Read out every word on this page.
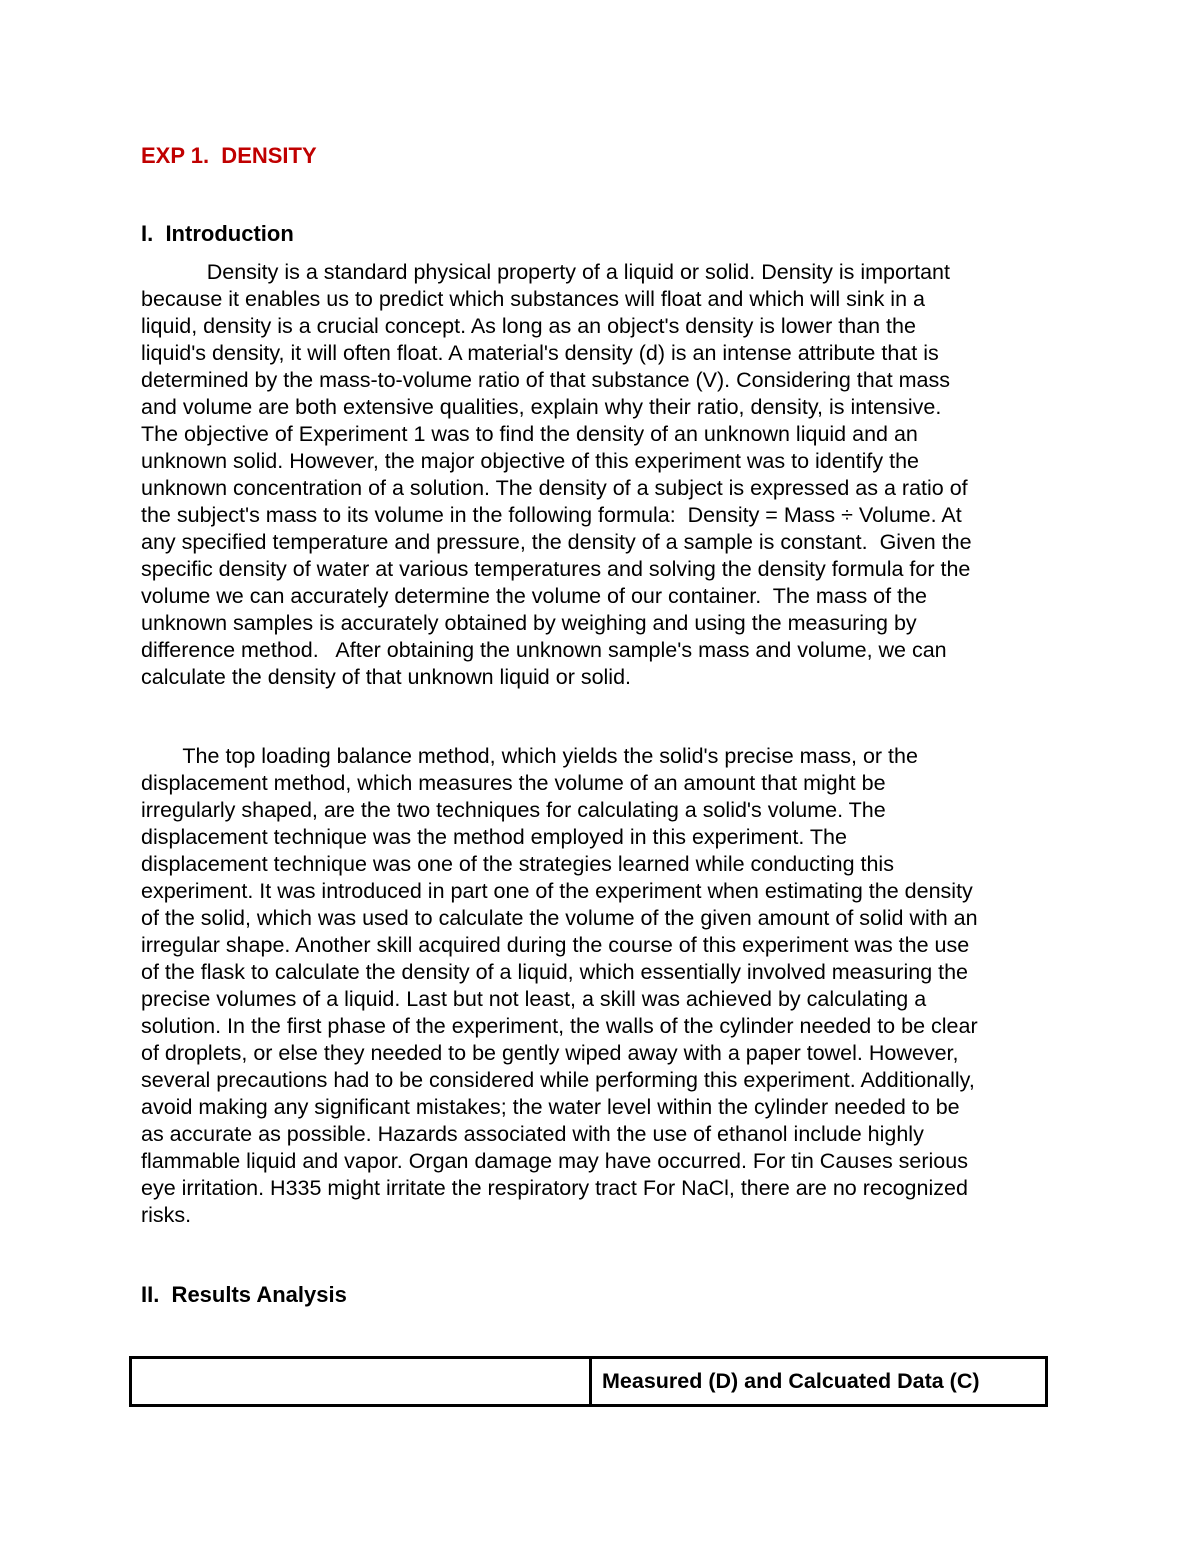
EXP 1.  DENSITY
I.  Introduction

Density is a standard physical property of a liquid or solid. Density is important
because it enables us to predict which substances will float and which will sink in a
liquid, density is a crucial concept. As long as an object's density is lower than the
liquid's density, it will often float. A material's density (d) is an intense attribute that is
determined by the mass-to-volume ratio of that substance (V). Considering that mass
and volume are both extensive qualities, explain why their ratio, density, is intensive.
The objective of Experiment 1 was to find the density of an unknown liquid and an
unknown solid. However, the major objective of this experiment was to identify the
unknown concentration of a solution. The density of a subject is expressed as a ratio of
the subject's mass to its volume in the following formula:  Density = Mass ÷ Volume. At
any specified temperature and pressure, the density of a sample is constant.  Given the
specific density of water at various temperatures and solving the density formula for the
volume we can accurately determine the volume of our container.  The mass of the
unknown samples is accurately obtained by weighing and using the measuring by
difference method.   After obtaining the unknown sample's mass and volume, we can
calculate the density of that unknown liquid or solid.

The top loading balance method, which yields the solid's precise mass, or the
displacement method, which measures the volume of an amount that might be
irregularly shaped, are the two techniques for calculating a solid's volume. The
displacement technique was the method employed in this experiment. The
displacement technique was one of the strategies learned while conducting this
experiment. It was introduced in part one of the experiment when estimating the density
of the solid, which was used to calculate the volume of the given amount of solid with an
irregular shape. Another skill acquired during the course of this experiment was the use
of the flask to calculate the density of a liquid, which essentially involved measuring the
precise volumes of a liquid. Last but not least, a skill was achieved by calculating a
solution. In the first phase of the experiment, the walls of the cylinder needed to be clear
of droplets, or else they needed to be gently wiped away with a paper towel. However,
several precautions had to be considered while performing this experiment. Additionally,
avoid making any significant mistakes; the water level within the cylinder needed to be
as accurate as possible. Hazards associated with the use of ethanol include highly
flammable liquid and vapor. Organ damage may have occurred. For tin Causes serious
eye irritation. H335 might irritate the respiratory tract For NaCl, there are no recognized
risks.

II.  Results Analysis
	Measured (D) and Calcuated Data (C)
